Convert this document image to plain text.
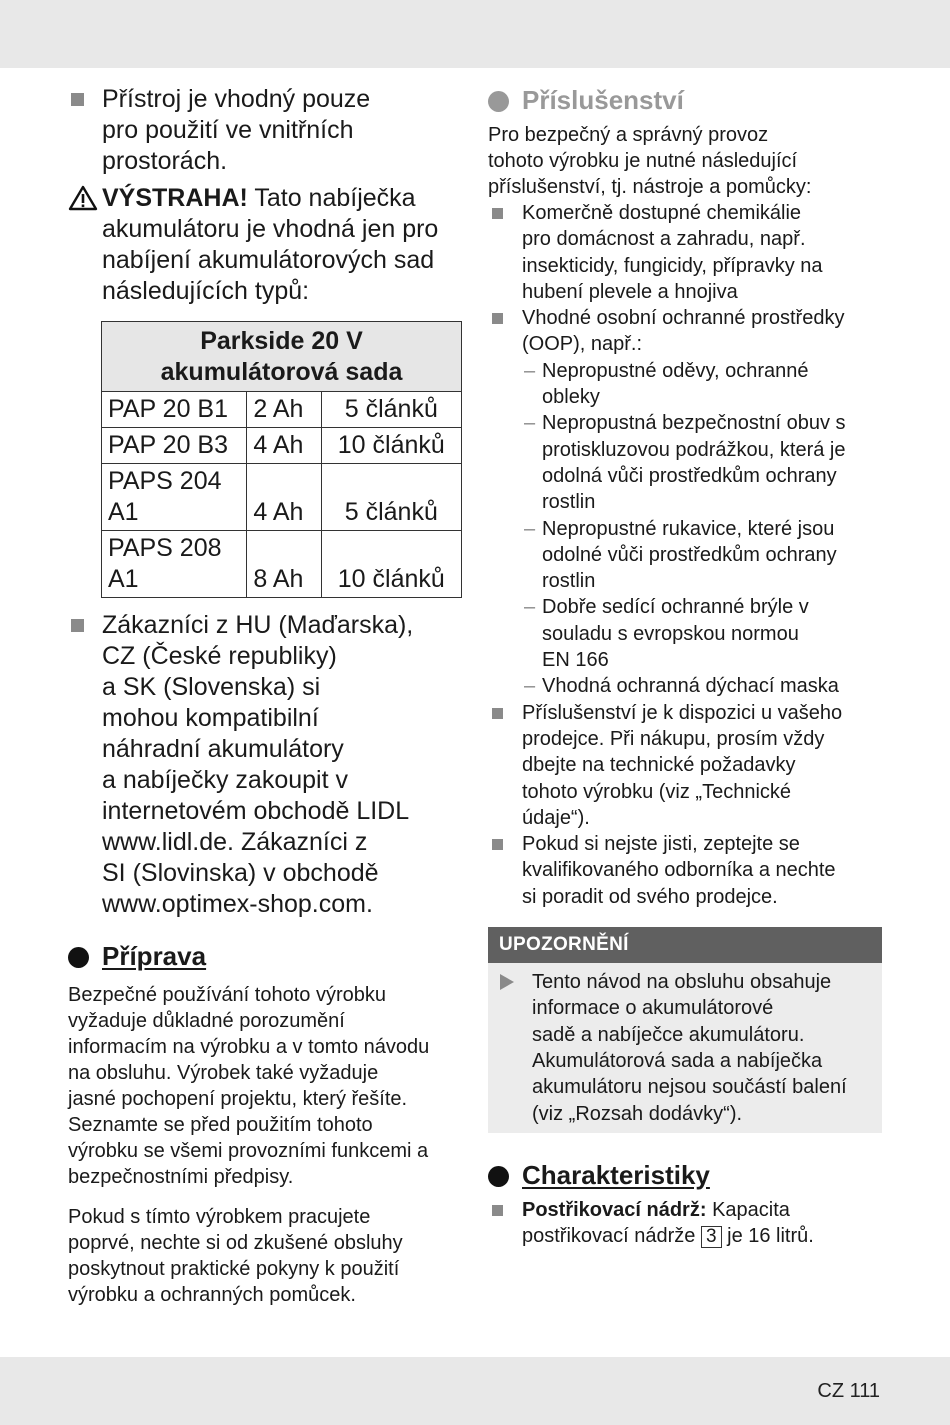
Přístroj je vhodný pouze
pro použití ve vnitřních
prostorách.
VÝSTRAHA! Tato nabíječka
akumulátoru je vhodná jen pro
nabíjení akumulátorových sad
následujících typů:
Parkside 20 V
akumulátorová sada		

PAP 20 B1	2 Ah	5 článků
PAP 20 B3	4 Ah	10 článků

PAPS 204
A1	4 Ah	5 článků

PAPS 208
A1	8 Ah	10 článků
Zákazníci z HU (Maďarska),
CZ (České republiky)
a SK (Slovenska) si
mohou kompatibilní
náhradní akumulátory
a nabíječky zakoupit v
internetovém obchodě LIDL
www.lidl.de. Zákazníci z
SI (Slovinska) v obchodě
www.optimex-shop.com.
Příprava
Bezpečné používání tohoto výrobku
vyžaduje důkladné porozumění
informacím na výrobku a v tomto návodu
na obsluhu. Výrobek také vyžaduje
jasné pochopení projektu, který řešíte.
Seznamte se před použitím tohoto
výrobku se všemi provozními funkcemi a
bezpečnostními předpisy.
Pokud s tímto výrobkem pracujete
poprvé, nechte si od zkušené obsluhy
poskytnout praktické pokyny k použití
výrobku a ochranných pomůcek.
Příslušenství
Pro bezpečný a správný provoz
tohoto výrobku je nutné následující
příslušenství, tj. nástroje a pomůcky:
Komerčně dostupné chemikálie
pro domácnost a zahradu, např.
insekticidy, fungicidy, přípravky na
hubení plevele a hnojiva
Vhodné osobní ochranné prostředky
(OOP), např.:
– Nepropustné oděvy, ochranné
obleky
– Nepropustná bezpečnostní obuv s
protiskluzovou podrážkou, která je
odolná vůči prostředkům ochrany
rostlin
– Nepropustné rukavice, které jsou
odolné vůči prostředkům ochrany
rostlin
– Dobře sedící ochranné brýle v
souladu s evropskou normou
EN 166
– Vhodná ochranná dýchací maska
Příslušenství je k dispozici u vašeho
prodejce. Při nákupu, prosím vždy
dbejte na technické požadavky
tohoto výrobku (viz „Technické
údaje“).
Pokud si nejste jisti, zeptejte se
kvalifikovaného odborníka a nechte
si poradit od svého prodejce.
UPOZORNĚNÍ
Tento návod na obsluhu obsahuje
informace o akumulátorové
sadě a nabíječce akumulátoru.
Akumulátorová sada a nabíječka
akumulátoru nejsou součástí balení
(viz „Rozsah dodávky“).
Charakteristiky
Postřikovací nádrž: Kapacita
postřikovací nádrže 3 je 16 litrů.
CZ 111
